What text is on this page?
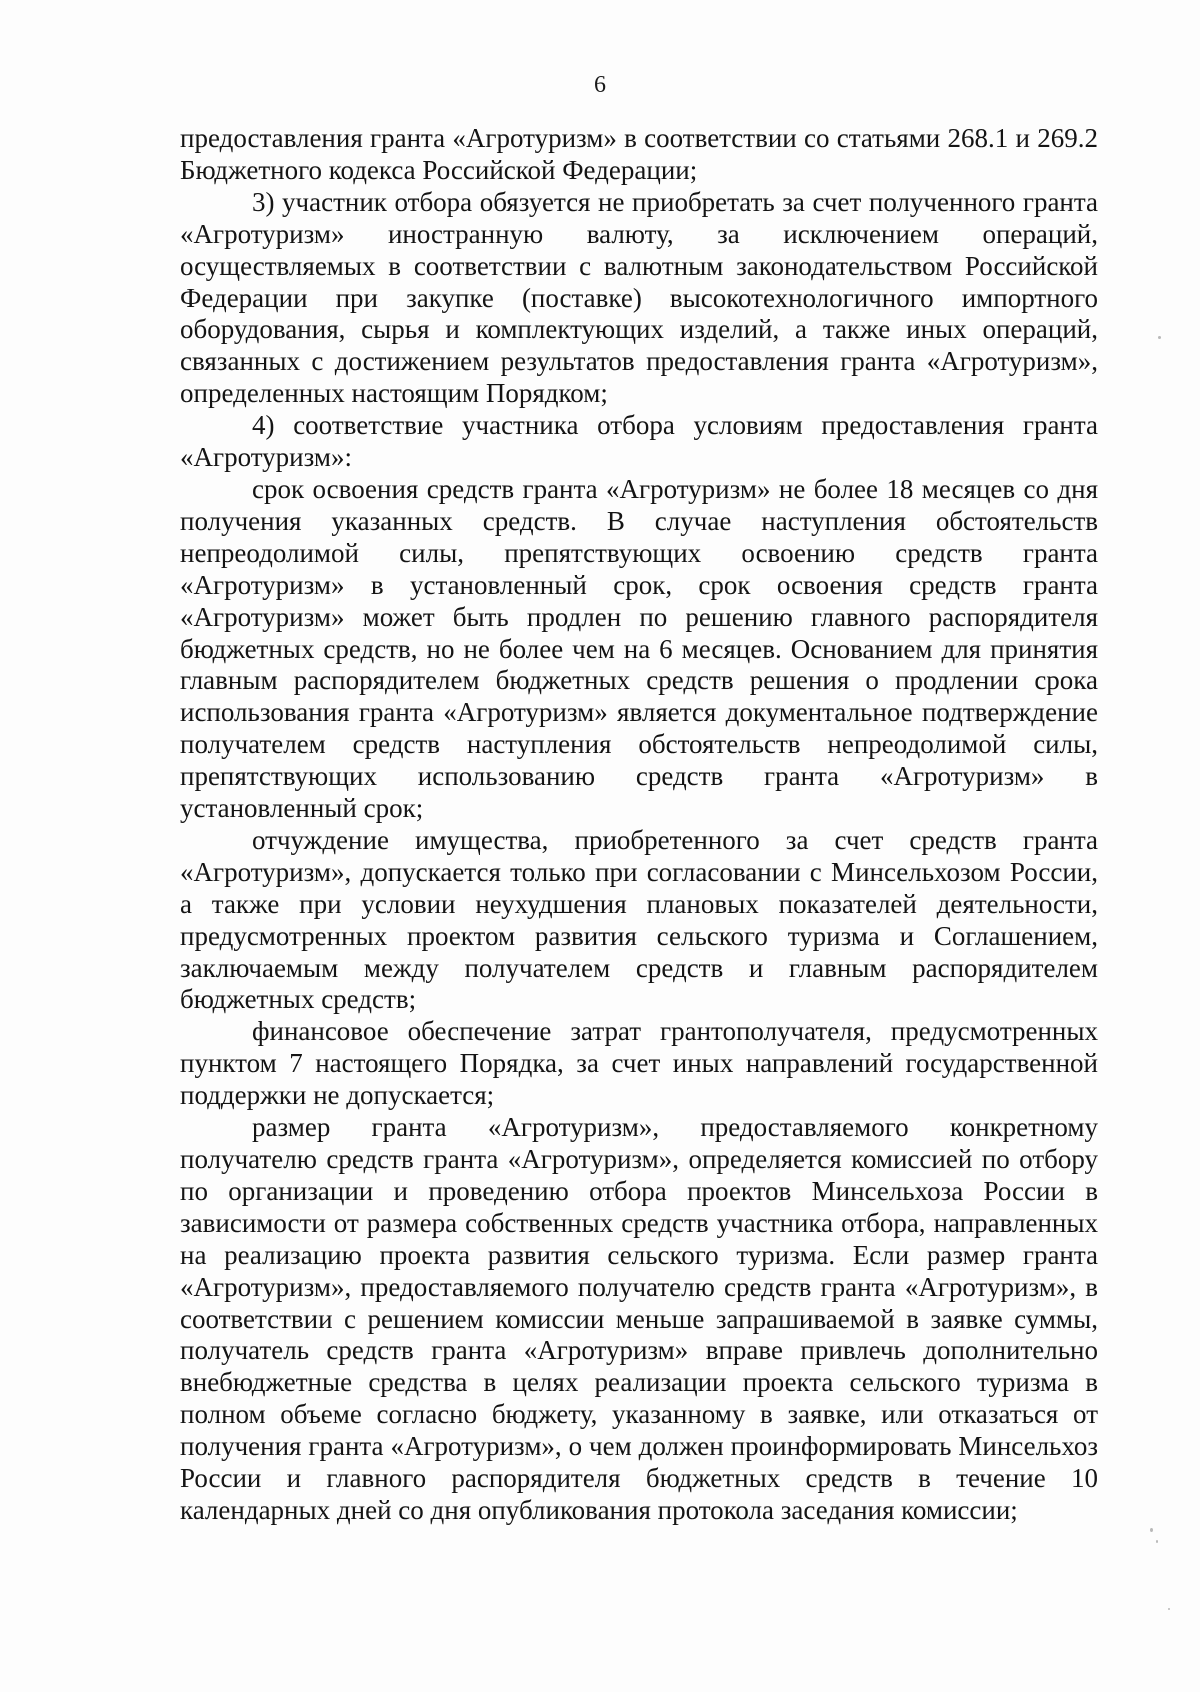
6

предоставления гранта «Агротуризм» в соответствии со статьями 268.1 и 269.2 Бюджетного кодекса Российской Федерации;

3) участник отбора обязуется не приобретать за счет полученного гранта «Агротуризм» иностранную валюту, за исключением операций, осуществляемых в соответствии с валютным законодательством Российской Федерации при закупке (поставке) высокотехнологичного импортного оборудования, сырья и комплектующих изделий, а также иных операций, связанных с достижением результатов предоставления гранта «Агротуризм», определенных настоящим Порядком;

4) соответствие участника отбора условиям предоставления гранта «Агротуризм»:

срок освоения средств гранта «Агротуризм» не более 18 месяцев со дня получения указанных средств. В случае наступления обстоятельств непреодолимой силы, препятствующих освоению средств гранта «Агротуризм» в установленный срок, срок освоения средств гранта «Агротуризм» может быть продлен по решению главного распорядителя бюджетных средств, но не более чем на 6 месяцев. Основанием для принятия главным распорядителем бюджетных средств решения о продлении срока использования гранта «Агротуризм» является документальное подтверждение получателем средств наступления обстоятельств непреодолимой силы, препятствующих использованию средств гранта «Агротуризм» в установленный срок;

отчуждение имущества, приобретенного за счет средств гранта «Агротуризм», допускается только при согласовании с Минсельхозом России, а также при условии неухудшения плановых показателей деятельности, предусмотренных проектом развития сельского туризма и Соглашением, заключаемым между получателем средств и главным распорядителем бюджетных средств;

финансовое обеспечение затрат грантополучателя, предусмотренных пунктом 7 настоящего Порядка, за счет иных направлений государственной поддержки не допускается;

размер гранта «Агротуризм», предоставляемого конкретному получателю средств гранта «Агротуризм», определяется комиссией по отбору по организации и проведению отбора проектов Минсельхоза России в зависимости от размера собственных средств участника отбора, направленных на реализацию проекта развития сельского туризма. Если размер гранта «Агротуризм», предоставляемого получателю средств гранта «Агротуризм», в соответствии с решением комиссии меньше запрашиваемой в заявке суммы, получатель средств гранта «Агротуризм» вправе привлечь дополнительно внебюджетные средства в целях реализации проекта сельского туризма в полном объеме согласно бюджету, указанному в заявке, или отказаться от получения гранта «Агротуризм», о чем должен проинформировать Минсельхоз России и главного распорядителя бюджетных средств в течение 10 календарных дней со дня опубликования протокола заседания комиссии;
